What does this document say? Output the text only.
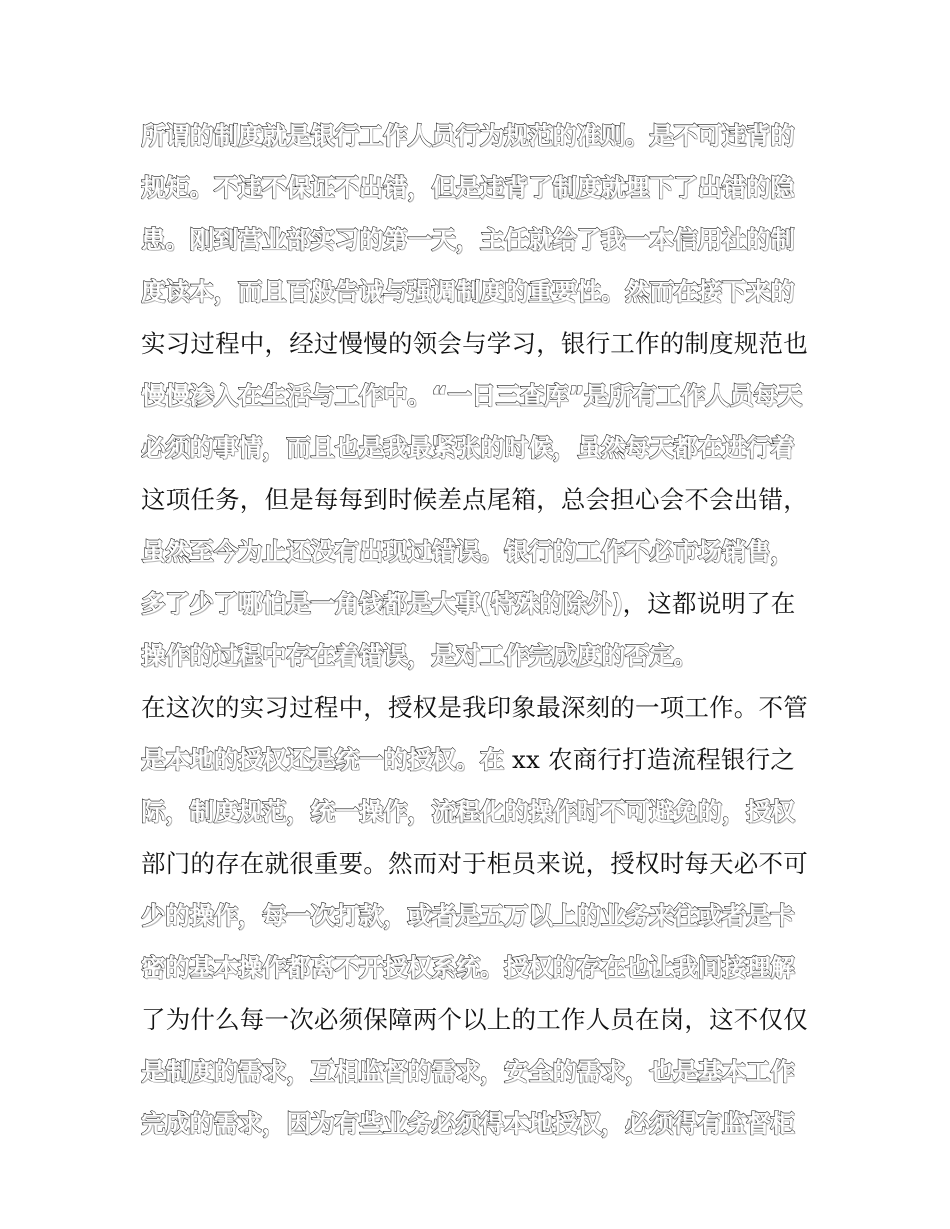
所谓的制度就是银行工作人员行为规范的准则。是不可违背的
规矩。不违不保证不出错，但是违背了制度就埋下了出错的隐
患。刚到营业部实习的第一天，主任就给了我一本信用社的制
度读本，而且百般告诫与强调制度的重要性。然而在接下来的
实习过程中，经过慢慢的领会与学习，银行工作的制度规范也
慢慢渗入在生活与工作中。“一日三查库”是所有工作人员每天
必须的事情，而且也是我最紧张的时候，虽然每天都在进行着
这项任务，但是每每到时候差点尾箱，总会担心会不会出错，
虽然至今为止还没有出现过错误。银行的工作不必市场销售，
多了少了哪怕是一角钱都是大事(特殊的除外)，这都说明了在
操作的过程中存在着错误，是对工作完成度的否定。
在这次的实习过程中，授权是我印象最深刻的一项工作。不管
是本地的授权还是统一的授权。在 xx 农商行打造流程银行之
际，制度规范，统一操作，流程化的操作时不可避免的，授权
部门的存在就很重要。然而对于柜员来说，授权时每天必不可
少的操作，每一次打款，或者是五万以上的业务来往或者是卡
密的基本操作都离不开授权系统。授权的存在也让我间接理解
了为什么每一次必须保障两个以上的工作人员在岗，这不仅仅
是制度的需求，互相监督的需求，安全的需求，也是基本工作
完成的需求，因为有些业务必须得本地授权，必须得有监督柜
